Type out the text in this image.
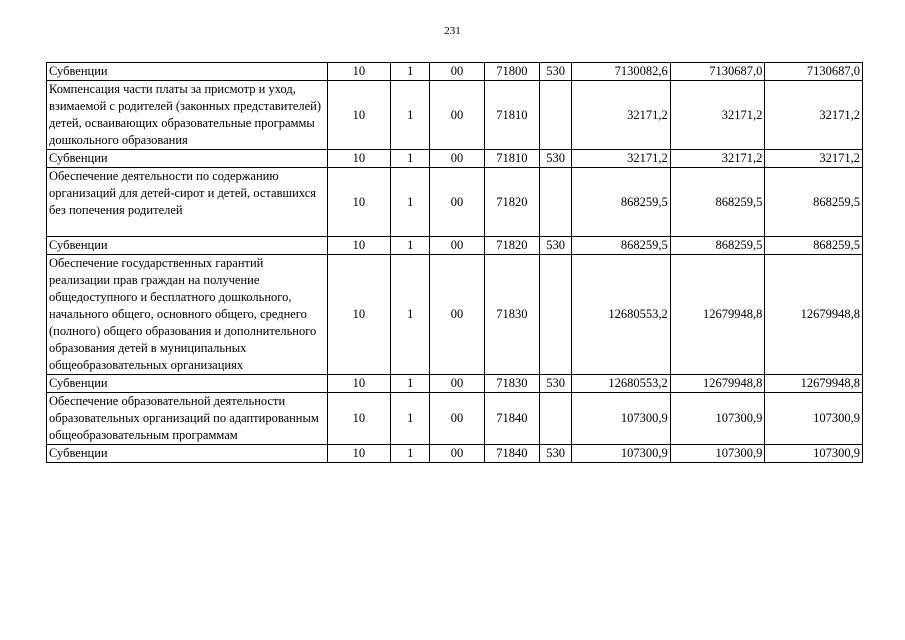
231
Субвенции	10	1	00	71800	530	7130082,6	7130687,0	7130687,0
Компенсация части платы за присмотр и уход, взимаемой с родителей (законных представителей) детей, осваивающих образовательные программы дошкольного образования	10	1	00	71810		32171,2	32171,2	32171,2
Субвенции	10	1	00	71810	530	32171,2	32171,2	32171,2
Обеспечение деятельности по содержанию организаций для детей-сирот и детей, оставшихся без попечения родителей	10	1	00	71820		868259,5	868259,5	868259,5
Субвенции	10	1	00	71820	530	868259,5	868259,5	868259,5
Обеспечение государственных гарантий реализации прав граждан на получение общедоступного и бесплатного дошкольного, начального общего, основного общего, среднего (полного) общего образования и дополнительного образования детей в муниципальных общеобразовательных организациях	10	1	00	71830		12680553,2	12679948,8	12679948,8
Субвенции	10	1	00	71830	530	12680553,2	12679948,8	12679948,8
Обеспечение образовательной деятельности образовательных организаций по адаптированным общеобразовательным программам	10	1	00	71840		107300,9	107300,9	107300,9
Субвенции	10	1	00	71840	530	107300,9	107300,9	107300,9
